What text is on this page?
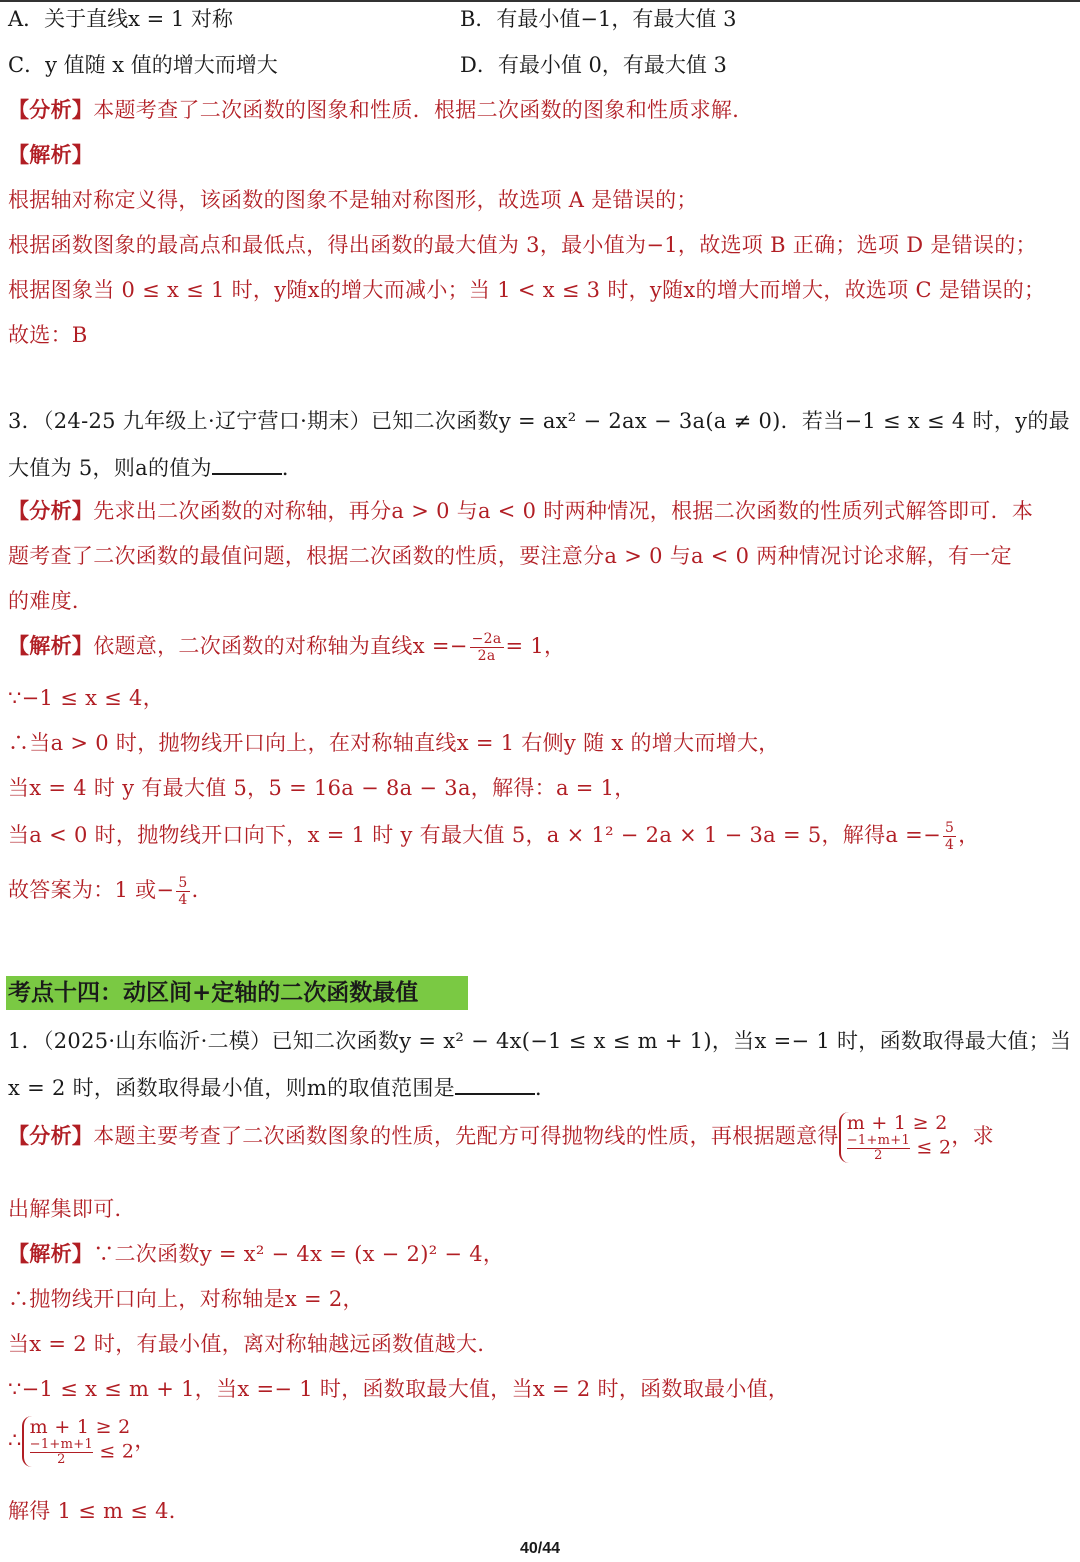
A．关于直线x = 1 对称	B．有最小值−1，有最大值 3
C．y 值随 x 值的增大而增大	D．有最小值 0，有最大值 3
【分析】本题考查了二次函数的图象和性质．根据二次函数的图象和性质求解．
【解析】
根据轴对称定义得，该函数的图象不是轴对称图形，故选项 A 是错误的；
根据函数图象的最高点和最低点，得出函数的最大值为 3，最小值为−1，故选项 B 正确；选项 D 是错误的；
根据图象当 0 ≤ x ≤ 1 时，y随x的增大而减小；当 1 < x ≤ 3 时，y随x的增大而增大，故选项 C 是错误的；
故选：B
3．（24-25 九年级上·辽宁营口·期末）已知二次函数y = ax² − 2ax − 3a(a ≠ 0)．若当−1 ≤ x ≤ 4 时，y的最
大值为 5，则a的值为	．
【分析】先求出二次函数的对称轴，再分a > 0 与a < 0 时两种情况，根据二次函数的性质列式解答即可．本
题考查了二次函数的最值问题，根据二次函数的性质，要注意分a > 0 与a < 0 两种情况讨论求解，有一定
的难度．
【解析】依题意，二次函数的对称轴为直线$x =- \frac{-2a}{2a} = 1$，
∵−1 ≤ x ≤ 4，
∴当a > 0 时，抛物线开口向上，在对称轴直线x = 1 右侧y 随 x 的增大而增大，
当x = 4 时 y 有最大值 5，5 = 16a − 8a − 3a，解得：a = 1，
当a < 0 时，抛物线开口向下，x = 1 时 y 有最大值 5，a × 1² − 2a × 1 − 3a = 5，解得$a =- \frac{5}{4}$ ，
故答案为：1 或− $\frac{5}{4}$ ．
考点十四：动区间+定轴的二次函数最值
1．（2025·山东临沂·二模）已知二次函数y = x² − 4x(−1 ≤ x ≤ m + 1)，当x =− 1 时，函数取得最大值；当
x = 2 时，函数取得最小值，则m的取值范围是	．
【分析】本题主要考查了二次函数图象的性质，先配方可得抛物线的性质，再根据题意得
m + 1 ≥ 2
$\frac{-1+m+1}{2} \le 2$ ，求
出解集即可．
【解析】∵二次函数y = x² − 4x = (x − 2)² − 4，
∴抛物线开口向上，对称轴是x = 2，
当x = 2 时，有最小值，离对称轴越远函数值越大．
∵−1 ≤ x ≤ m + 1，当x =− 1 时，函数取最大值，当x = 2 时，函数取最小值，
∴
m + 1 ≥ 2
$\frac{-1+m+1}{2} \le 2$ ，
解得 1 ≤ m ≤ 4．
40/44
